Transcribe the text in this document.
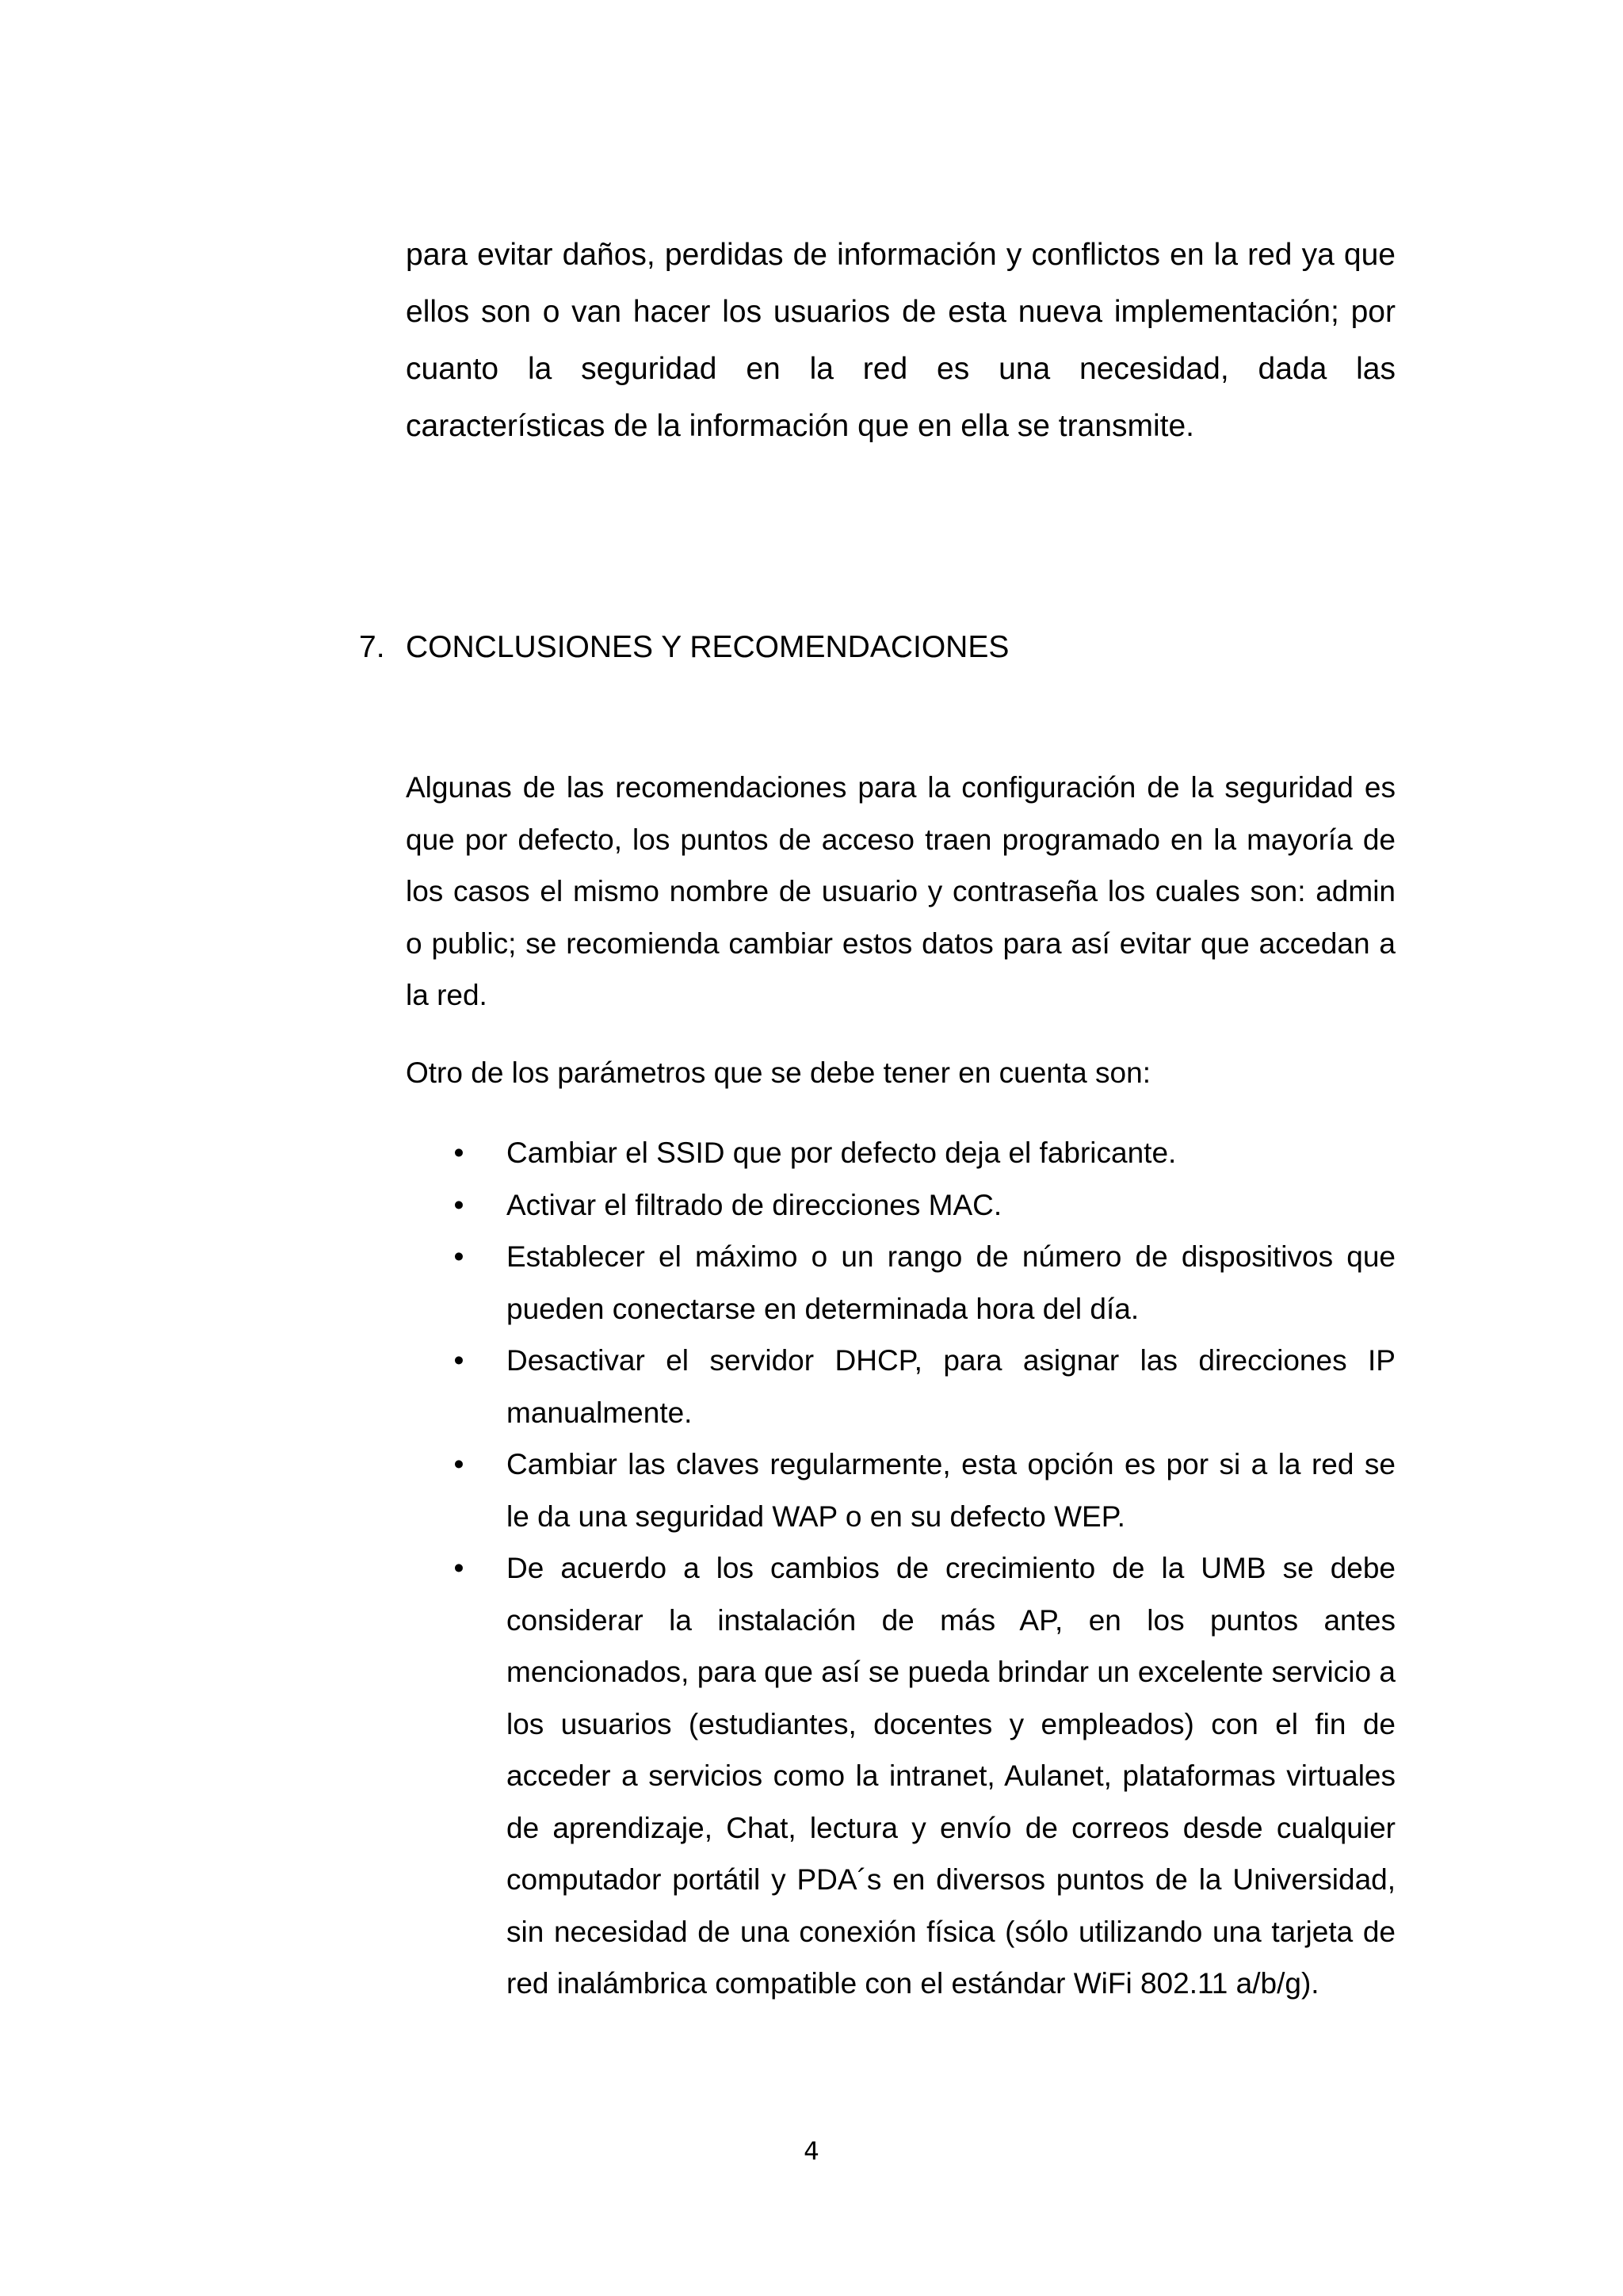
para evitar daños, perdidas de información y conflictos en la red ya que ellos son o van hacer los usuarios de esta nueva implementación; por cuanto la seguridad en la red es una necesidad, dada las características de la información que en ella se transmite.

7. CONCLUSIONES Y RECOMENDACIONES

Algunas de las recomendaciones para la configuración de la seguridad es que por defecto, los puntos de acceso traen programado en la mayoría de los casos el mismo nombre de usuario y contraseña los cuales son: admin o public; se recomienda cambiar estos datos para así evitar que accedan a la red.

Otro de los parámetros que se debe tener en cuenta son:

• Cambiar el SSID que por defecto deja el fabricante.
• Activar el filtrado de direcciones MAC.
• Establecer el máximo o un rango de número de dispositivos que pueden conectarse en determinada hora del día.
• Desactivar el servidor DHCP, para asignar las direcciones IP manualmente.
• Cambiar las claves regularmente, esta opción es por si a la red se le da una seguridad WAP o en su defecto WEP.
• De acuerdo a los cambios de crecimiento de la UMB se debe considerar la instalación de más AP, en los puntos antes mencionados, para que así se pueda brindar un excelente servicio a los usuarios (estudiantes, docentes y empleados) con el fin de acceder a servicios como la intranet, Aulanet, plataformas virtuales de aprendizaje, Chat, lectura y envío de correos desde cualquier computador portátil y PDA´s en diversos puntos de la Universidad, sin necesidad de una conexión física (sólo utilizando una tarjeta de red inalámbrica compatible con el estándar WiFi 802.11 a/b/g).
4
